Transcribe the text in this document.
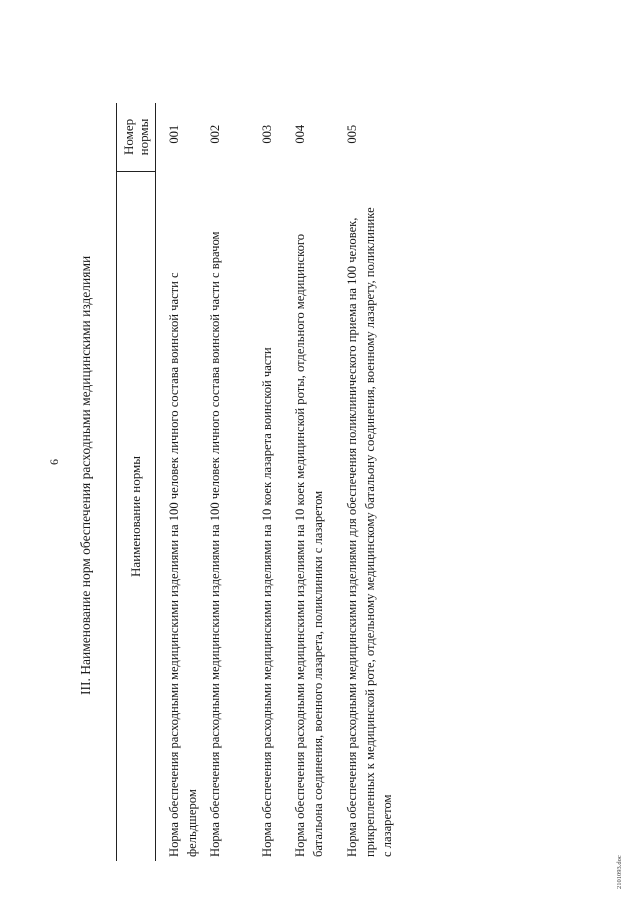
6 III. Наименование норм обеспечения расходными медицинскими изделиями	Наименование нормы	Номер
нормы
Норма обеспечения расходными медицинскими изделиями на 100 человек личного состава воинской части с фельдшером	001
Норма обеспечения расходными медицинскими изделиями на 100 человек личного состава воинской части с врачом	002
Норма обеспечения расходными медицинскими изделиями на 10 коек лазарета воинской части	003
Норма обеспечения расходными медицинскими изделиями на 10 коек медицинской роты, отдельного медицинского батальона соединения, военного лазарета, поликлиники с лазаретом	004
Норма обеспечения расходными медицинскими изделиями для обеспечения поликлинического приема на 100 человек, прикрепленных к медицинской роте, отдельному медицинскому батальону соединения, военному лазарету, поликлинике с лазаретом	005
2101093.doc
